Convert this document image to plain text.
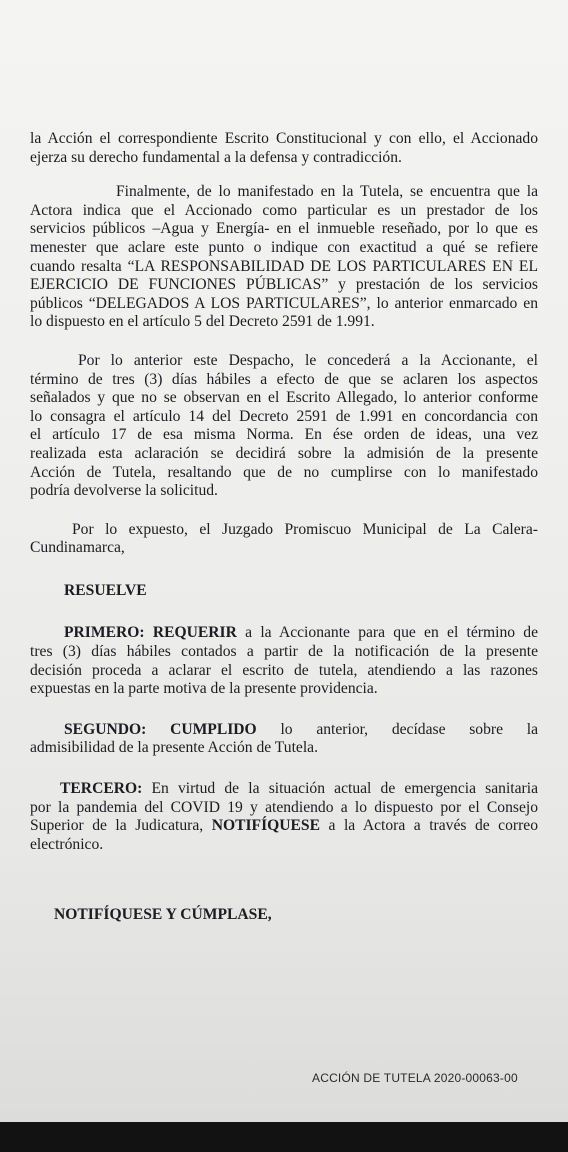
la Acción el correspondiente Escrito Constitucional y con ello, el Accionado
ejerza su derecho fundamental a la defensa y contradicción.

Finalmente, de lo manifestado en la Tutela, se encuentra que la
Actora indica que el Accionado como particular es un prestador de los
servicios públicos –Agua y Energía- en el inmueble reseñado, por lo que es
menester que aclare este punto o indique con exactitud a qué se refiere
cuando resalta “LA RESPONSABILIDAD DE LOS PARTICULARES EN EL
EJERCICIO DE FUNCIONES PÚBLICAS” y prestación de los servicios
públicos “DELEGADOS A LOS PARTICULARES”, lo anterior enmarcado en
lo dispuesto en el artículo 5 del Decreto 2591 de 1.991.

Por lo anterior este Despacho, le concederá a la Accionante, el
término de tres (3) días hábiles a efecto de que se aclaren los aspectos
señalados y que no se observan en el Escrito Allegado, lo anterior conforme
lo consagra el artículo 14 del Decreto 2591 de 1.991 en concordancia con
el artículo 17 de esa misma Norma. En ése orden de ideas, una vez
realizada esta aclaración se decidirá sobre la admisión de la presente
Acción de Tutela, resaltando que de no cumplirse con lo manifestado
podría devolverse la solicitud.

Por lo expuesto, el Juzgado Promiscuo Municipal de La Calera-
Cundinamarca,

RESUELVE

PRIMERO: REQUERIR a la Accionante para que en el término de
tres (3) días hábiles contados a partir de la notificación de la presente
decisión proceda a aclarar el escrito de tutela, atendiendo a las razones
expuestas en la parte motiva de la presente providencia.

SEGUNDO: CUMPLIDO lo anterior, decídase sobre la
admisibilidad de la presente Acción de Tutela.

TERCERO: En virtud de la situación actual de emergencia sanitaria
por la pandemia del COVID 19 y atendiendo a lo dispuesto por el Consejo
Superior de la Judicatura, NOTIFÍQUESE a la Actora a través de correo
electrónico.

NOTIFÍQUESE Y CÚMPLASE,

ACCIÓN DE TUTELA 2020-00063-00
